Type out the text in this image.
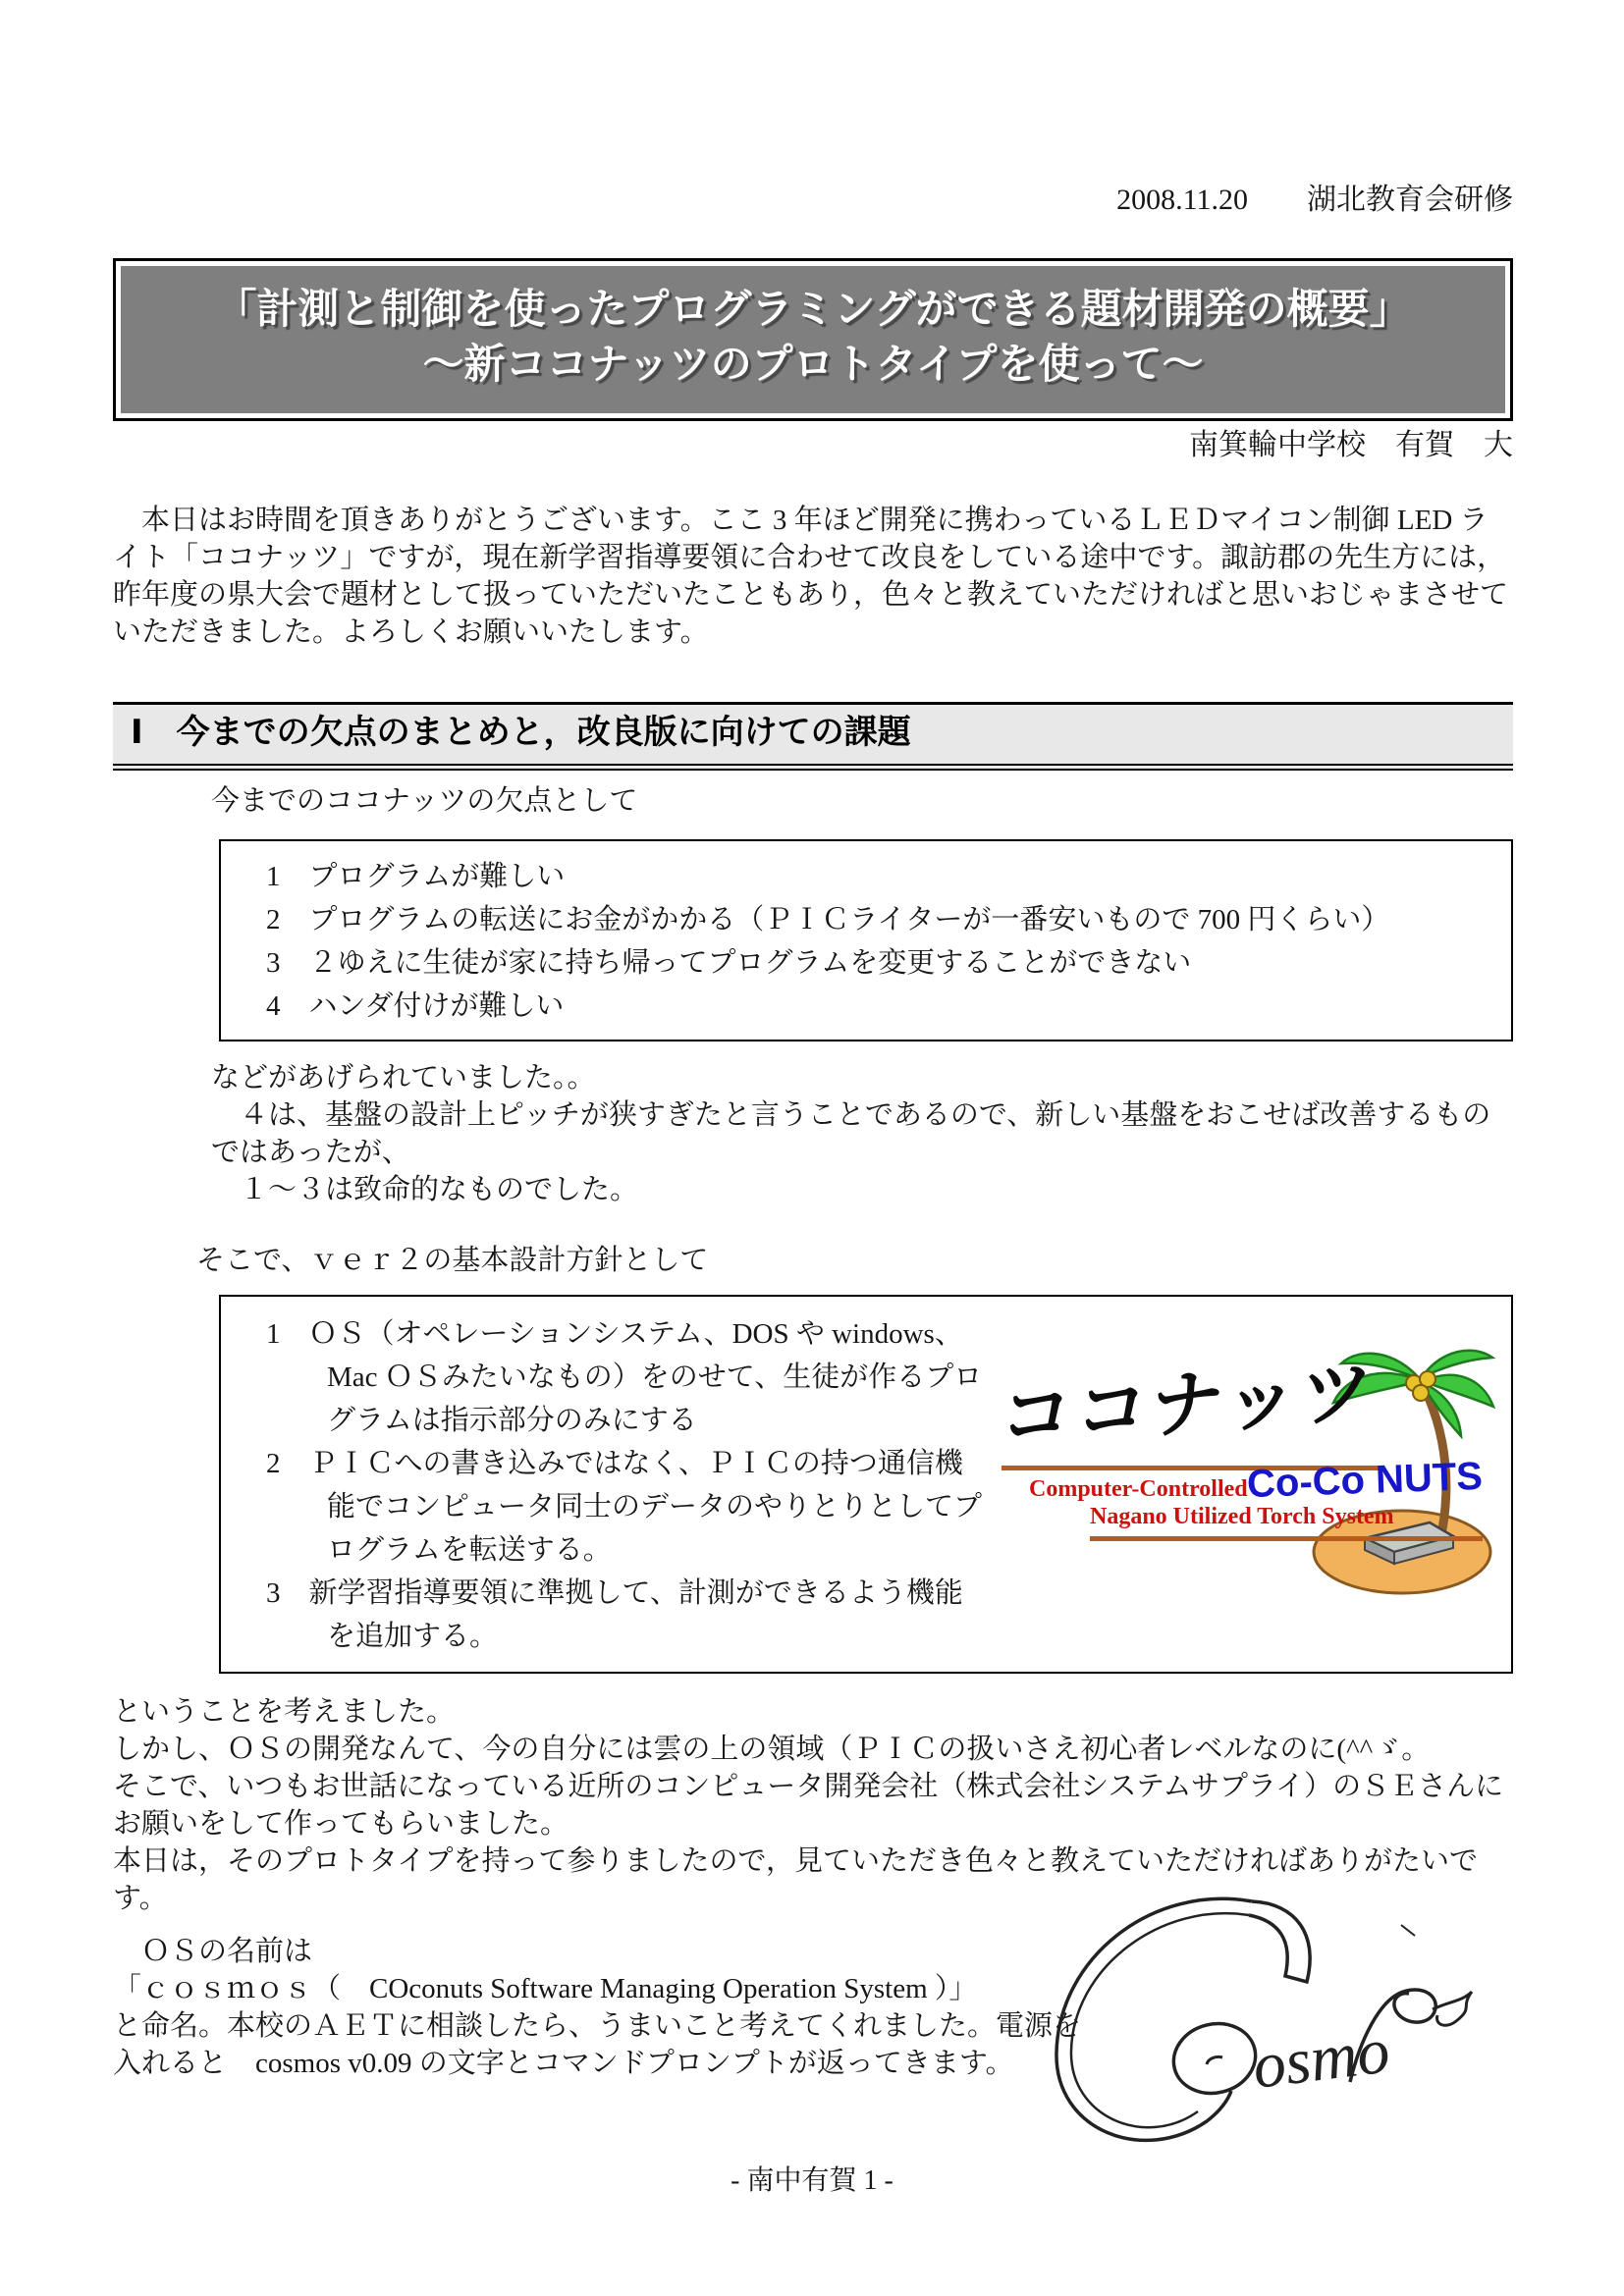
2008.11.20　　 湖北教育会研修
「計測と制御を使ったプログラミングができる題材開発の概要」
～新ココナッツのプロトタイプを使って～
南箕輪中学校　有賀　大
　本日はお時間を頂きありがとうございます。ここ 3 年ほど開発に携わっているＬＥＤマイコン制御 LED ライト「ココナッツ」ですが，現在新学習指導要領に合わせて改良をしている途中です。諏訪郡の先生方には，昨年度の県大会で題材として扱っていただいたこともあり，色々と教えていただければと思いおじゃまさせていただきました。よろしくお願いいたします。
Ⅰ　今までの欠点のまとめと，改良版に向けての課題
今までのココナッツの欠点として
1　プログラムが難しい
2　プログラムの転送にお金がかかる（ＰＩＣライターが一番安いもので 700 円くらい）
3　２ゆえに生徒が家に持ち帰ってプログラムを変更することができない
4　ハンダ付けが難しい
などがあげられていました。。
　４は、基盤の設計上ピッチが狭すぎたと言うことであるので、新しい基盤をおこせば改善するものではあったが、
　１～３は致命的なものでした。
そこで、ｖｅｒ２の基本設計方針として
ココナッツ
Computer-Controlled
Nagano Utilized Torch System
Co-Co NUTS
1　ＯＳ（オペレーションシステム、DOS や windows、Mac ＯＳみたいなもの）をのせて、生徒が作るプログラムは指示部分のみにする
2　ＰＩＣへの書き込みではなく、ＰＩＣの持つ通信機能でコンピュータ同士のデータのやりとりとしてプログラムを転送する。
3　新学習指導要領に準拠して、計測ができるよう機能を追加する。
ということを考えました。
しかし、ＯＳの開発なんて、今の自分には雲の上の領域（ＰＩＣの扱いさえ初心者レベルなのに(^^ゞ。
そこで、いつもお世話になっている近所のコンピュータ開発会社（株式会社システムサプライ）のＳＥさんにお願いをして作ってもらいました。
本日は，そのプロトタイプを持って参りましたので，見ていただき色々と教えていただければありがたいです。
osmo
　ＯＳの名前は
「ｃｏｓｍｏｓ（　COconuts Software Managing Operation System ）」
と命名。本校のＡＥＴに相談したら、うまいこと考えてくれました。電源を入れると　cosmos v0.09 の文字とコマンドプロンプトが返ってきます。
- 南中有賀 1 -
